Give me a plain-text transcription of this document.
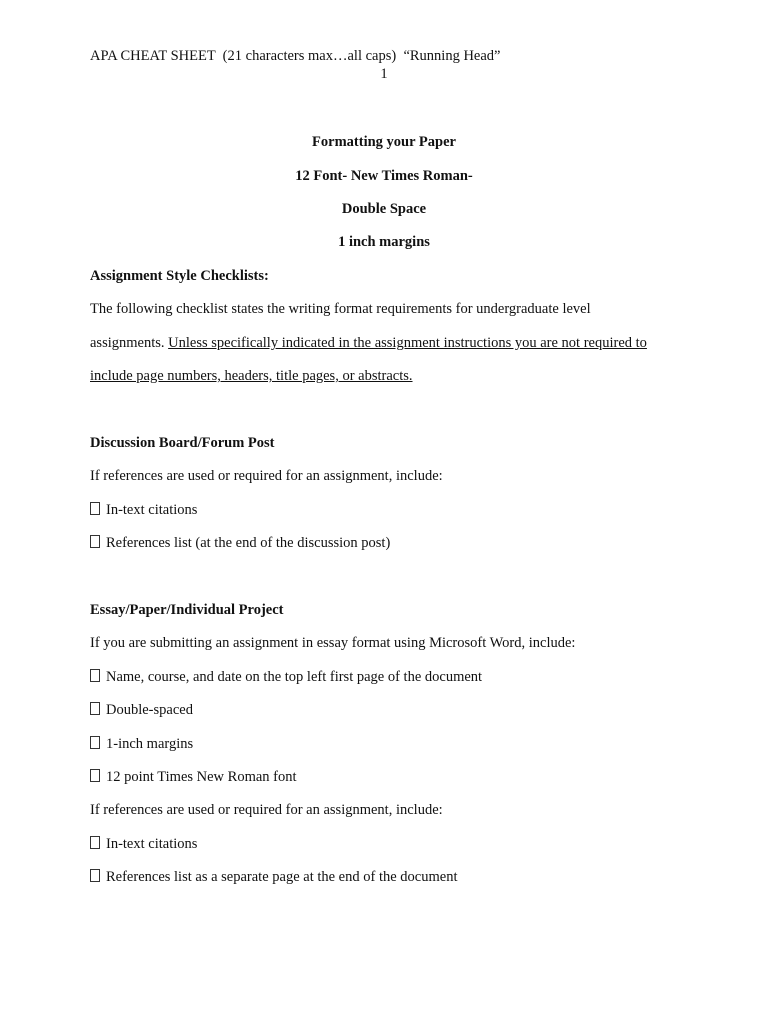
APA CHEAT SHEET  (21 characters max…all caps)  “Running Head”
1
Formatting your Paper
12 Font- New Times Roman-
Double Space
1 inch margins
Assignment Style Checklists:
The following checklist states the writing format requirements for undergraduate level
assignments. Unless specifically indicated in the assignment instructions you are not required to
include page numbers, headers, title pages, or abstracts.
Discussion Board/Forum Post
If references are used or required for an assignment, include:
In-text citations
References list (at the end of the discussion post)
Essay/Paper/Individual Project
If you are submitting an assignment in essay format using Microsoft Word, include:
Name, course, and date on the top left first page of the document
Double-spaced
1-inch margins
12 point Times New Roman font
If references are used or required for an assignment, include:
In-text citations
References list as a separate page at the end of the document
